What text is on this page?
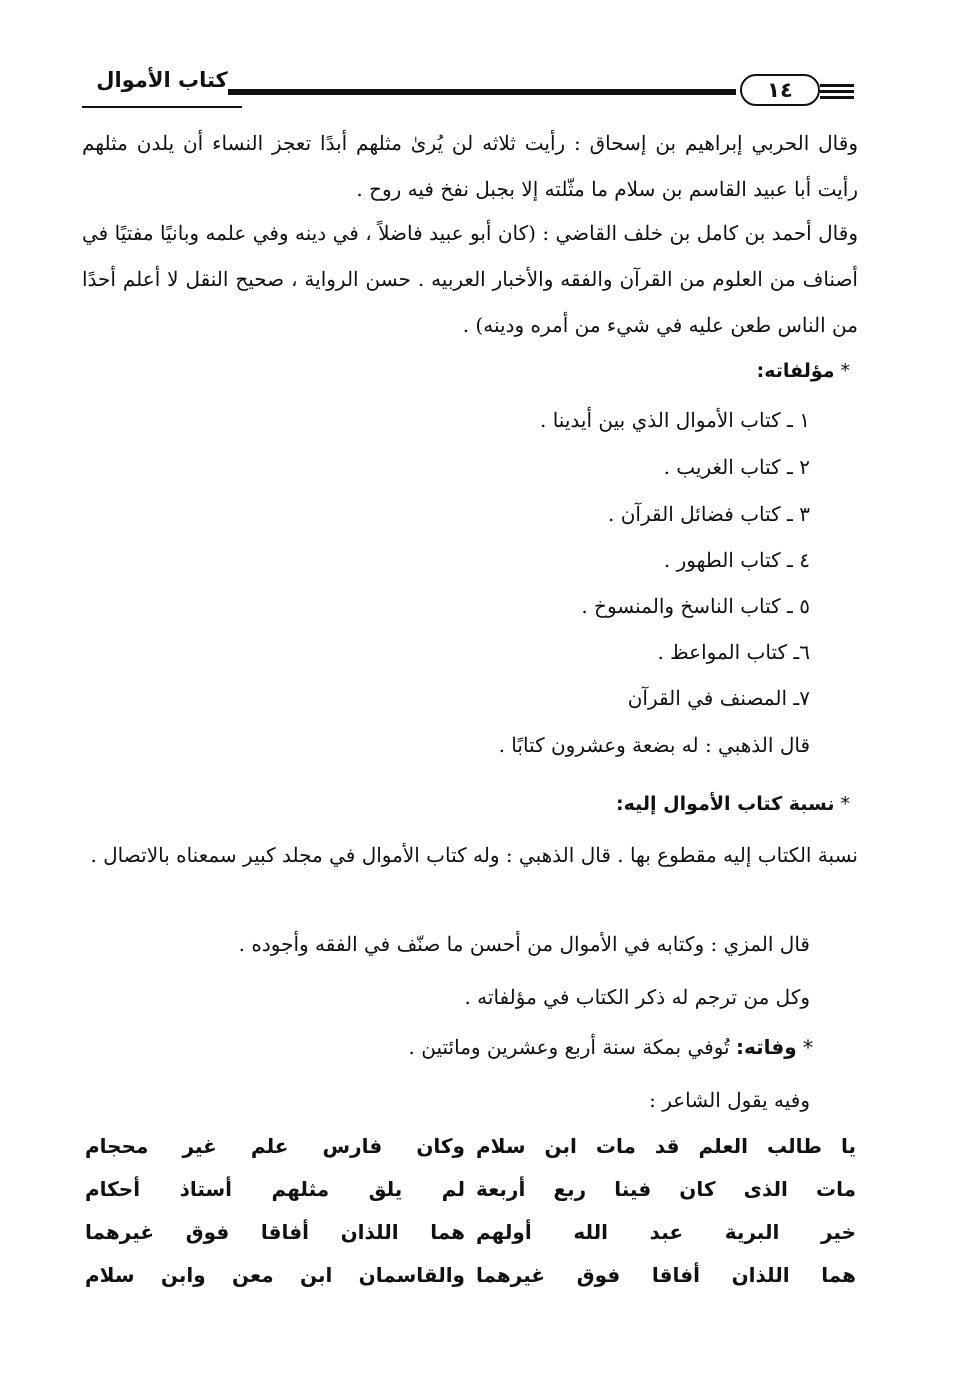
كتاب الأموال	١٤
وقال الحربي إبراهيم بن إسحاق : رأيت ثلاثه لن يُرىٰ مثلهم أبدًا تعجز النساء أن يلدن مثلهم رأيت أبا عبيد القاسم بن سلام ما مثّلته إلا بجبل نفخ فيه روح .
وقال أحمد بن كامل بن خلف القاضي : (كان أبو عبيد فاضلاً ، في دينه وفي علمه وبانيًا مفتيًا في أصناف من العلوم من القرآن والفقه والأخبار العربيه . حسن الرواية ، صحيح النقل لا أعلم أحدًا من الناس طعن عليه في شيء من أمره ودينه) .
*مؤلفاته:
١ ـ كتاب الأموال الذي بين أيدينا .
٢ ـ كتاب الغريب .
٣ ـ كتاب فضائل القرآن .
٤ ـ كتاب الطهور .
٥ ـ كتاب الناسخ والمنسوخ .
٦ـ كتاب المواعظ .
٧ـ المصنف في القرآن
قال الذهبي : له بضعة وعشرون كتابًا .
*نسبة كتاب الأموال إليه:
نسبة الكتاب إليه مقطوع بها . قال الذهبي : وله كتاب الأموال في مجلد كبير سمعناه بالاتصال .
قال المزي : وكتابه في الأموال من أحسن ما صنّف في الفقه وأجوده .
وكل من ترجم له ذكر الكتاب في مؤلفاته .
* وفاته: تُوفي بمكة سنة أربع وعشرين ومائتين .
وفيه يقول الشاعر :
يا طالب العلم قد مات ابن سلام
مات الذى كان فينا ربع أربعة
خير البرية عبد الله أولهم
هما اللذان أفاقا فوق غيرهما
وكان فارس علم غير محجام
لم يلق مثلهم أستاذ أحكام
هما اللذان أفاقا فوق غيرهما
والقاسمان ابن معن وابن سلام
